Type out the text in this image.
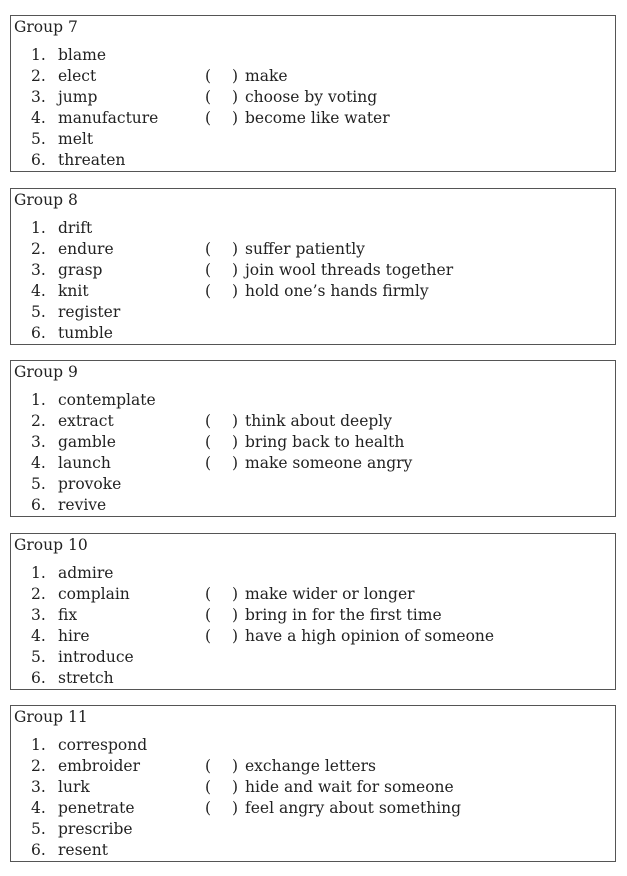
Group 7
1. blame
2. elect
3. jump
4. manufacture
5. melt
6. threaten
( ) make
( ) choose by voting
( ) become like water
Group 8
1. drift
2. endure
3. grasp
4. knit
5. register
6. tumble
( ) suffer patiently
( ) join wool threads together
( ) hold one’s hands firmly
Group 9
1. contemplate
2. extract
3. gamble
4. launch
5. provoke
6. revive
( ) think about deeply
( ) bring back to health
( ) make someone angry
Group 10
1. admire
2. complain
3. fix
4. hire
5. introduce
6. stretch
( ) make wider or longer
( ) bring in for the first time
( ) have a high opinion of someone
Group 11
1. correspond
2. embroider
3. lurk
4. penetrate
5. prescribe
6. resent
( ) exchange letters
( ) hide and wait for someone
( ) feel angry about something
